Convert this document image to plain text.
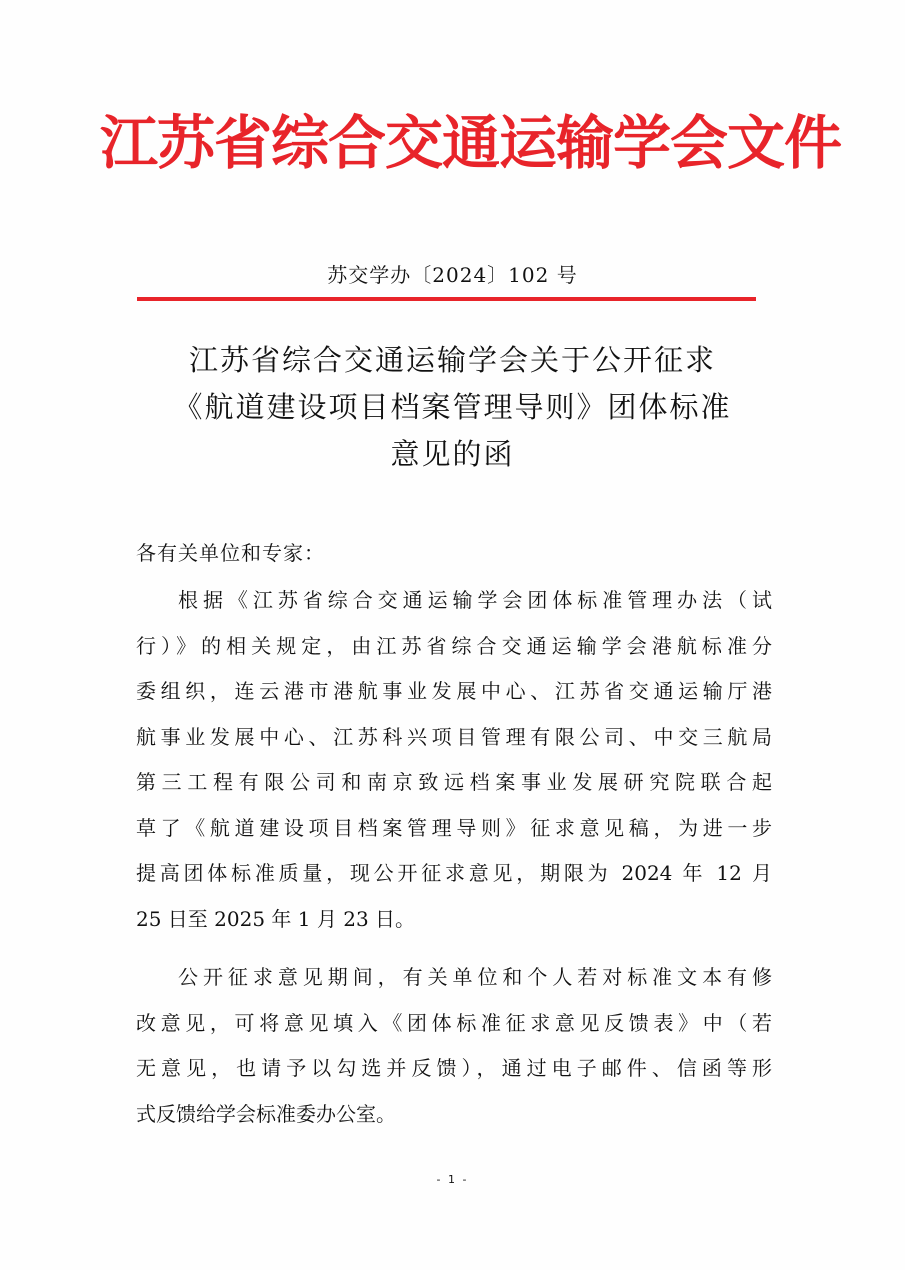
江苏省综合交通运输学会文件
苏交学办〔2024〕102 号
江苏省综合交通运输学会关于公开征求
《航道建设项目档案管理导则》团体标准
意见的函
各有关单位和专家：
根据《江苏省综合交通运输学会团体标准管理办法（试
行）》的相关规定，由江苏省综合交通运输学会港航标准分
委组织，连云港市港航事业发展中心、江苏省交通运输厅港
航事业发展中心、江苏科兴项目管理有限公司、中交三航局
第三工程有限公司和南京致远档案事业发展研究院联合起
草了《航道建设项目档案管理导则》征求意见稿，为进一步
提高团体标准质量，现公开征求意见，期限为 2024 年 12 月
25 日至 2025 年 1 月 23 日。
公开征求意见期间，有关单位和个人若对标准文本有修
改意见，可将意见填入《团体标准征求意见反馈表》中（若
无意见，也请予以勾选并反馈），通过电子邮件、信函等形
式反馈给学会标准委办公室。
- 1 -
